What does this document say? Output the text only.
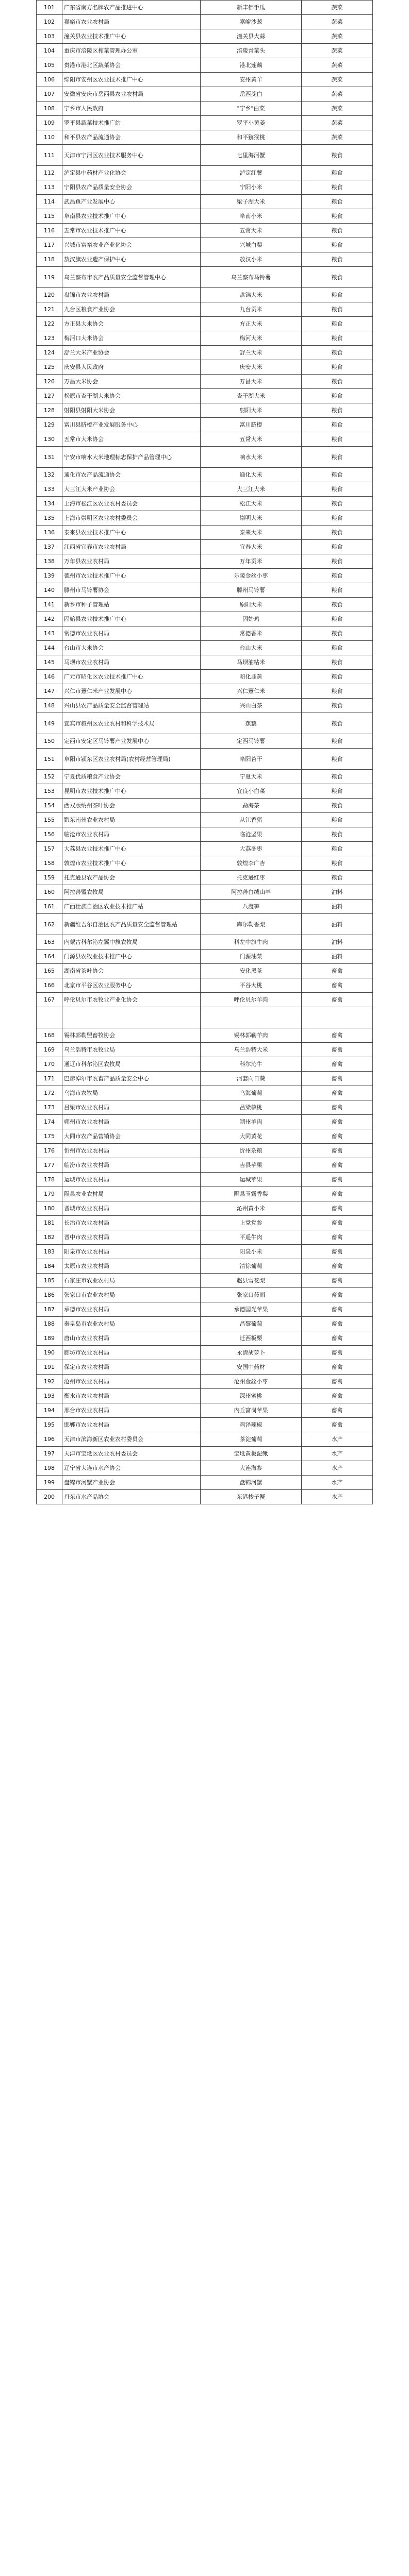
101	广东省南方名牌农产品推进中心	新丰佛手瓜	蔬菜
102	嘉峪市农业农村局	嘉峪沙葱	蔬菜
103	潼关县农业技术推广中心	潼关县大蒜	蔬菜
104	重庆市涪陵区榨菜管理办公室	涪陵青菜头	蔬菜
105	贵港市港北区蔬菜协会	港北莲藕	蔬菜
106	绵阳市安州区农业技术推广中心	安州黄羊	蔬菜
107	安徽省安庆市岳西县农业农村局	岳西茭白	蔬菜
108	宁乡市人民政府	"宁乡"白菜	蔬菜
109	罗平县蔬菜技术推广站	罗平小黄姜	蔬菜
110	和平县农产品流通协会	和平猕猴桃	蔬菜
111	天津市宁河区农业技术服务中心	七里海河蟹	粮食
112	泸定县中药材产业化协会	泸定红薯	粮食
113	宁阳县农产品质量安全协会	宁阳小米	粮食
114	武昌鱼产业发展中心	梁子湖大米	粮食
115	阜南县农业技术推广中心	阜南小米	粮食
116	五常市农业技术推广中心	五常大米	粮食
117	兴城市富裕农业产业化协会	兴城白梨	粮食
118	敖汉旗农业遗产保护中心	敖汉小米	粮食
119	乌兰察布市农产品质量安全监督管理中心	乌兰察布马铃薯	粮食
120	盘锦市农业农村局	盘锦大米	粮食
121	九台区粮食产业协会	九台贡米	粮食
122	方正县大米协会	方正大米	粮食
123	梅河口大米协会	梅河大米	粮食
124	舒兰大米产业协会	舒兰大米	粮食
125	庆安县人民政府	庆安大米	粮食
126	万昌大米协会	万昌大米	粮食
127	松原市查干湖大米协会	查干湖大米	粮食
128	射阳县射阳大米协会	射阳大米	粮食
129	富川县脐橙产业发展服务中心	富川脐橙	粮食
130	五常市大米协会	五常大米	粮食
131	宁安市响水大米地理标志保护产品管理中心	响水大米	粮食
132	通化市农产品流通协会	通化大米	粮食
133	大三江大米产业协会	大三江大米	粮食
134	上海市松江区农业农村委员会	松江大米	粮食
135	上海市崇明区农业农村委员会	崇明大米	粮食
136	泰来县农业技术推广中心	泰来大米	粮食
137	江西省宜春市农业农村局	宜春大米	粮食
138	万年县农业农村局	万年贡米	粮食
139	德州市农业技术推广中心	乐陵金丝小枣	粮食
140	滕州市马铃薯协会	滕州马铃薯	粮食
141	新乡市种子管理站	原阳大米	粮食
142	固始县农业技术推广中心	固始鸡	粮食
143	常德市农业农村局	常德香米	粮食
144	台山市大米协会	台山大米	粮食
145	马坝市农业农村局	马坝油粘米	粮食
146	广元市昭化区农业技术推广中心	昭化韭黄	粮食
147	兴仁市薏仁米产业发展中心	兴仁薏仁米	粮食
148	兴山县农产品质量安全监督管理站	兴山白茶	粮食
149	宜宾市叙州区农业农村和科学技术局	蕉藕	粮食
150	定西市安定区马铃薯产业发展中心	定西马铃薯	粮食
151	阜阳市颍东区农业农村局(农村经营管理局)	阜阳苔干	粮食
152	宁夏优质粮食产业协会	宁夏大米	粮食
153	昆明市农业技术推广中心	宜良小白菜	粮食
154	西双版纳州茶叶协会	勐海茶	粮食
155	黔东南州农业农村局	从江香猪	粮食
156	临沧市农业农村局	临沧坚果	粮食
157	大荔县农业技术推广中心	大荔冬枣	粮食
158	敦煌市农业技术推广中心	敦煌李广杏	粮食
159	托克逊县农产品协会	托克逊红枣	粮食
160	阿拉善盟农牧局	阿拉善白绒山羊	油料
161	广西壮族自治区农业技术推广站	八渡笋	油料
162	新疆维吾尔自治区农产品质量安全监督管理站	库尔勒香梨	油料
163	内蒙古科尔沁左翼中旗农牧局	科左中旗牛肉	油料
164	门源县农牧业技术推广中心	门源油菜	油料
165	湖南省茶叶协会	安化黑茶	畜禽
166	北京市平谷区农业服务中心	平谷大桃	畜禽
167	呼伦贝尔市农牧业产业化协会	呼伦贝尔羊肉	畜禽

168	锡林郭勒盟畜牧协会	锡林郭勒羊肉	畜禽
169	乌兰浩特市农牧业局	乌兰浩特大米	畜禽
170	通辽市科尔沁区农牧局	科尔沁牛	畜禽
171	巴彦淖尔市农畜产品质量安全中心	河套向日葵	畜禽
172	乌海市农牧局	乌海葡萄	畜禽
173	吕梁市农业农村局	吕梁核桃	畜禽
174	朔州市农业农村局	朔州羊肉	畜禽
175	大同市农产品营销协会	大同黄花	畜禽
176	忻州市农业农村局	忻州杂粮	畜禽
177	临汾市农业农村局	吉县苹果	畜禽
178	运城市农业农村局	运城苹果	畜禽
179	隰县农业农村局	隰县玉露香梨	畜禽
180	晋城市农业农村局	沁州黄小米	畜禽
181	长治市农业农村局	上党党参	畜禽
182	晋中市农业农村局	平遥牛肉	畜禽
183	阳泉市农业农村局	阳泉小米	畜禽
184	太原市农业农村局	清徐葡萄	畜禽
185	石家庄市农业农村局	赵县雪花梨	畜禽
186	张家口市农业农村局	张家口莜面	畜禽
187	承德市农业农村局	承德国光苹果	畜禽
188	秦皇岛市农业农村局	昌黎葡萄	畜禽
189	唐山市农业农村局	迁西板栗	畜禽
190	廊坊市农业农村局	永清胡萝卜	畜禽
191	保定市农业农村局	安国中药材	畜禽
192	沧州市农业农村局	沧州金丝小枣	畜禽
193	衡水市农业农村局	深州蜜桃	畜禽
194	邢台市农业农村局	内丘富岗苹果	畜禽
195	邯郸市农业农村局	鸡泽辣椒	畜禽
196	天津市滨海新区农业农村委员会	茶淀葡萄	水产
197	天津市宝坻区农业农村委员会	宝坻黄板泥鳅	水产
198	辽宁省大连市水产协会	大连海参	水产
199	盘锦市河蟹产业协会	盘锦河蟹	水产
200	丹东市水产品协会	东港梭子蟹	水产
